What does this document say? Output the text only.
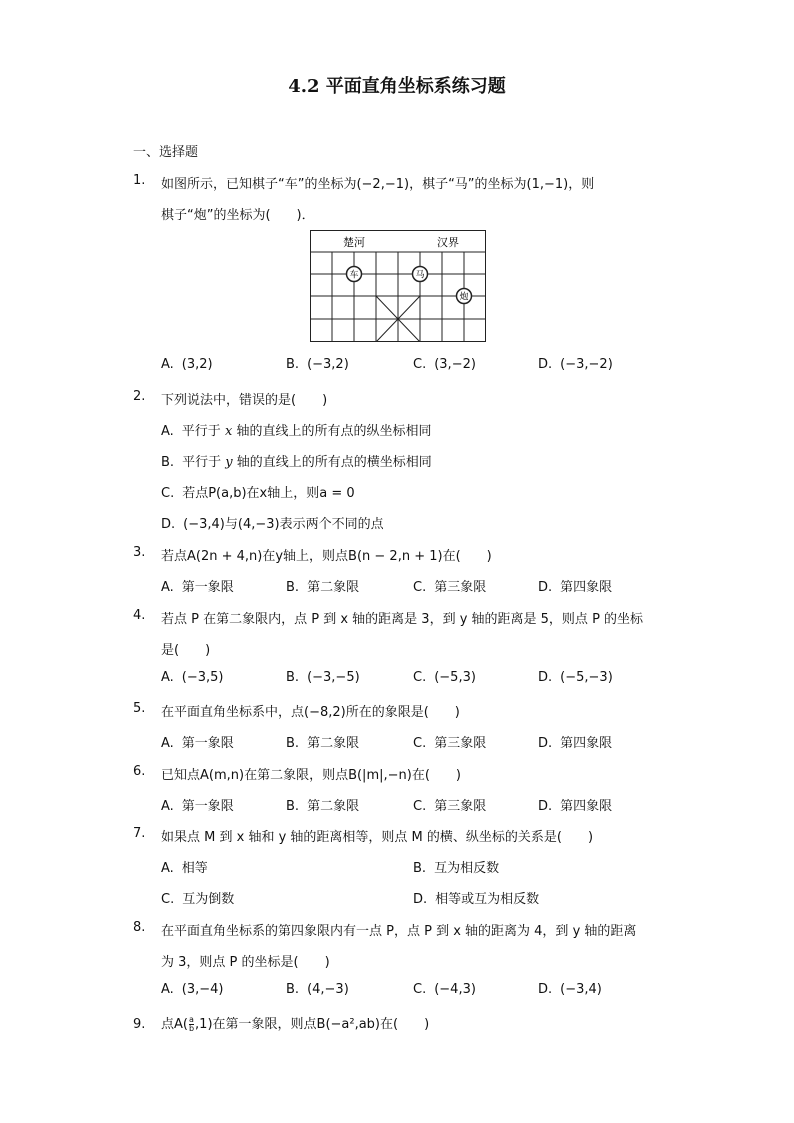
4.2 平面直角坐标系练习题
一、选择题
1. 如图所示，已知棋子“车”的坐标为(−2,−1)，棋子“马”的坐标为(1,−1)，则
棋子“炮”的坐标为(　　)．
楚河	汉界
车	马
炮
A. (3,2)	B. (−3,2)	C. (3,−2)	D. (−3,−2)
2. 下列说法中，错误的是(　　)
A. 平行于 x 轴的直线上的所有点的纵坐标相同
B. 平行于 y 轴的直线上的所有点的横坐标相同
C. 若点P(a,b)在x轴上，则a = 0
D. (−3,4)与(4,−3)表示两个不同的点
3. 若点A(2n + 4,n)在y轴上，则点B(n − 2,n + 1)在(　　)
A. 第一象限	B. 第二象限	C. 第三象限	D. 第四象限
4. 若点 P 在第二象限内，点 P 到 x 轴的距离是 3，到 y 轴的距离是 5，则点 P 的坐标
是(　　)
A. (−3,5)	B. (−3,−5)	C. (−5,3)	D. (−5,−3)
5. 在平面直角坐标系中，点(−8,2)所在的象限是(　　)
A. 第一象限	B. 第二象限	C. 第三象限	D. 第四象限
6. 已知点A(m,n)在第二象限，则点B(|m|,−n)在(　　)
A. 第一象限	B. 第二象限	C. 第三象限	D. 第四象限
7. 如果点 M 到 x 轴和 y 轴的距离相等，则点 M 的横、纵坐标的关系是(　　)
A. 相等	B. 互为相反数
C. 互为倒数	D. 相等或互为相反数
8. 在平面直角坐标系的第四象限内有一点 P，点 P 到 x 轴的距离为 4，到 y 轴的距离
为 3，则点 P 的坐标是(　　)
A. (3,−4)	B. (4,−3)	C. (−4,3)	D. (−3,4)
9. 点$A( \frac{a}{b} ,1)$在第一象限，则点B(−a²,ab)在(　　)
